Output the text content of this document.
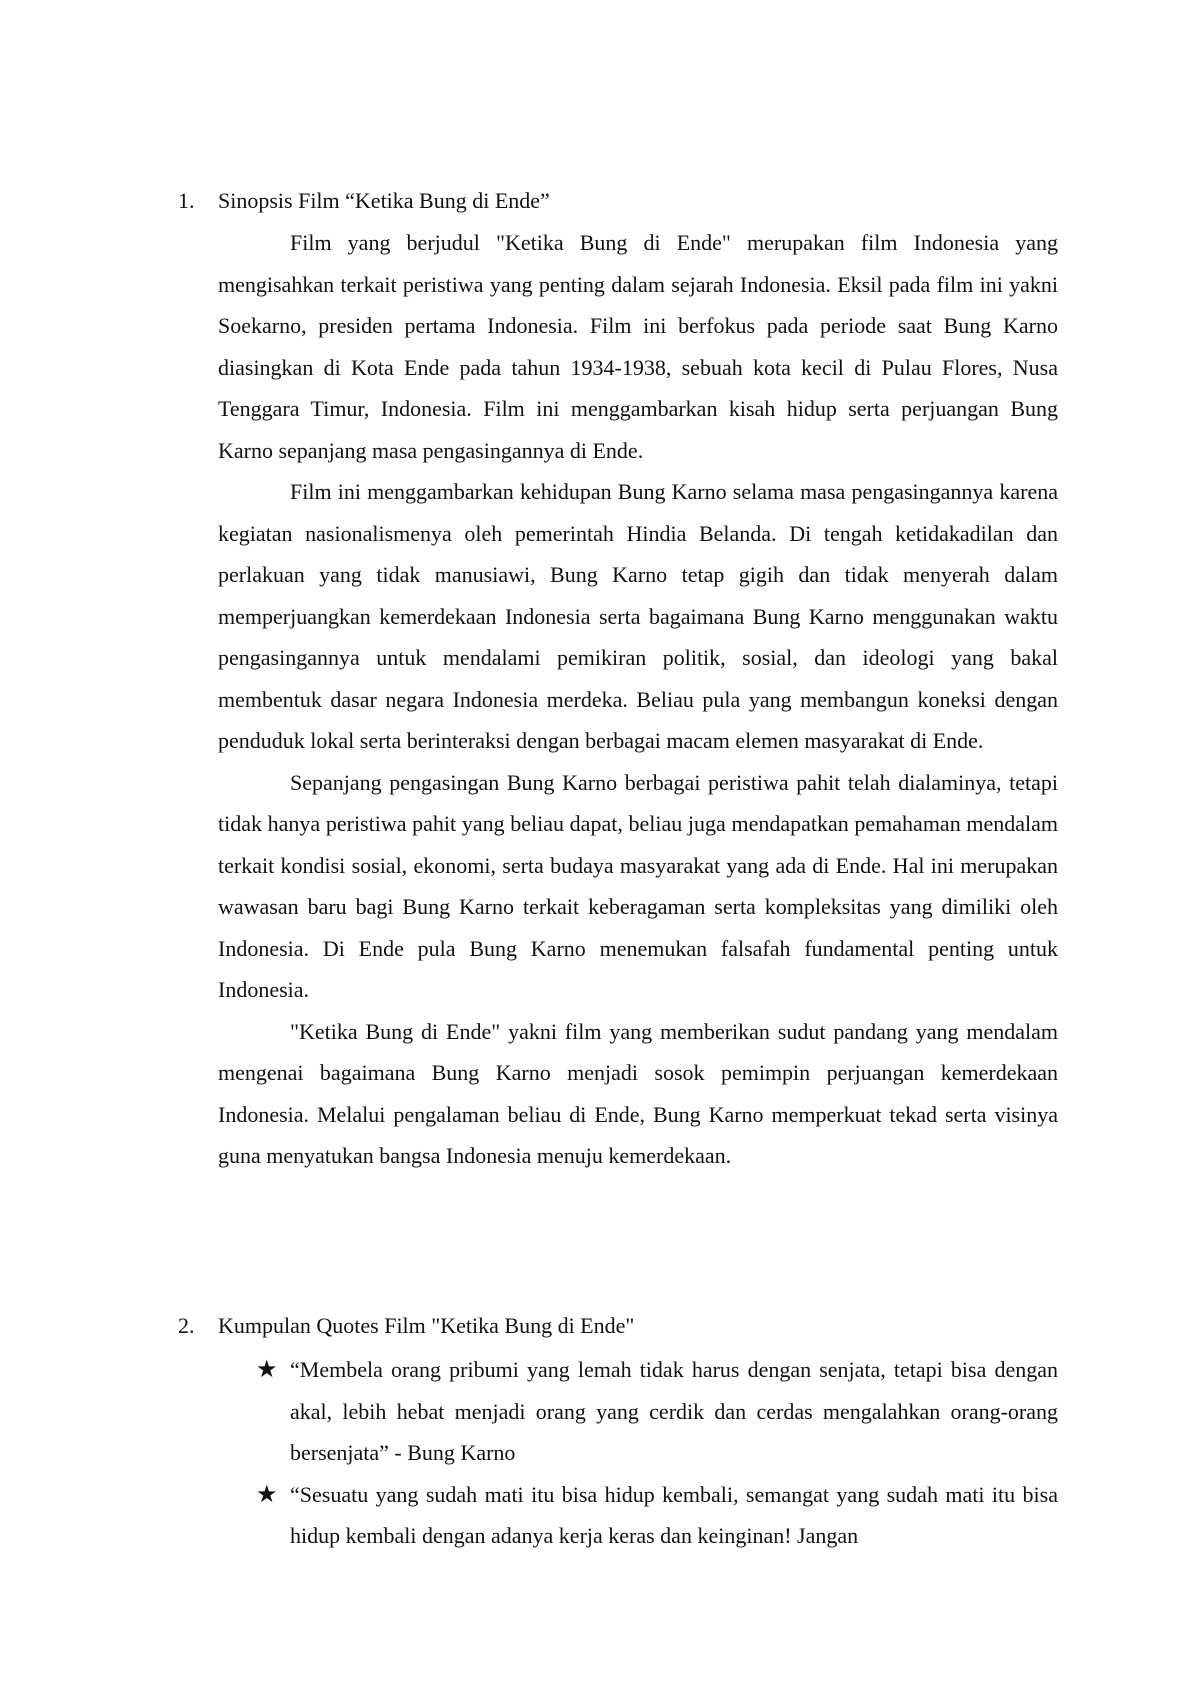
1.	Sinopsis Film “Ketika Bung di Ende”

Film yang berjudul "Ketika Bung di Ende" merupakan film Indonesia yang mengisahkan terkait peristiwa yang penting dalam sejarah Indonesia. Eksil pada film ini yakni Soekarno, presiden pertama Indonesia. Film ini berfokus pada periode saat Bung Karno diasingkan di Kota Ende pada tahun 1934-1938, sebuah kota kecil di Pulau Flores, Nusa Tenggara Timur, Indonesia. Film ini menggambarkan kisah hidup serta perjuangan Bung Karno sepanjang masa pengasingannya di Ende.

Film ini menggambarkan kehidupan Bung Karno selama masa pengasingannya karena kegiatan nasionalismenya oleh pemerintah Hindia Belanda. Di tengah ketidakadilan dan perlakuan yang tidak manusiawi, Bung Karno tetap gigih dan tidak menyerah dalam memperjuangkan kemerdekaan Indonesia serta bagaimana Bung Karno menggunakan waktu pengasingannya untuk mendalami pemikiran politik, sosial, dan ideologi yang bakal membentuk dasar negara Indonesia merdeka. Beliau pula yang membangun koneksi dengan penduduk lokal serta berinteraksi dengan berbagai macam elemen masyarakat di Ende.

Sepanjang pengasingan Bung Karno berbagai peristiwa pahit telah dialaminya, tetapi tidak hanya peristiwa pahit yang beliau dapat, beliau juga mendapatkan pemahaman mendalam terkait kondisi sosial, ekonomi, serta budaya masyarakat yang ada di Ende. Hal ini merupakan wawasan baru bagi Bung Karno terkait keberagaman serta kompleksitas yang dimiliki oleh Indonesia. Di Ende pula Bung Karno menemukan falsafah fundamental penting untuk Indonesia.

"Ketika Bung di Ende" yakni film yang memberikan sudut pandang yang mendalam mengenai bagaimana Bung Karno menjadi sosok pemimpin perjuangan kemerdekaan Indonesia. Melalui pengalaman beliau di Ende, Bung Karno memperkuat tekad serta visinya guna menyatukan bangsa Indonesia menuju kemerdekaan.

2.	Kumpulan Quotes Film "Ketika Bung di Ende"
★ “Membela orang pribumi yang lemah tidak harus dengan senjata, tetapi bisa dengan akal, lebih hebat menjadi orang yang cerdik dan cerdas mengalahkan orang-orang bersenjata” - Bung Karno
★ “Sesuatu yang sudah mati itu bisa hidup kembali, semangat yang sudah mati itu bisa hidup kembali dengan adanya kerja keras dan keinginan! Jangan
